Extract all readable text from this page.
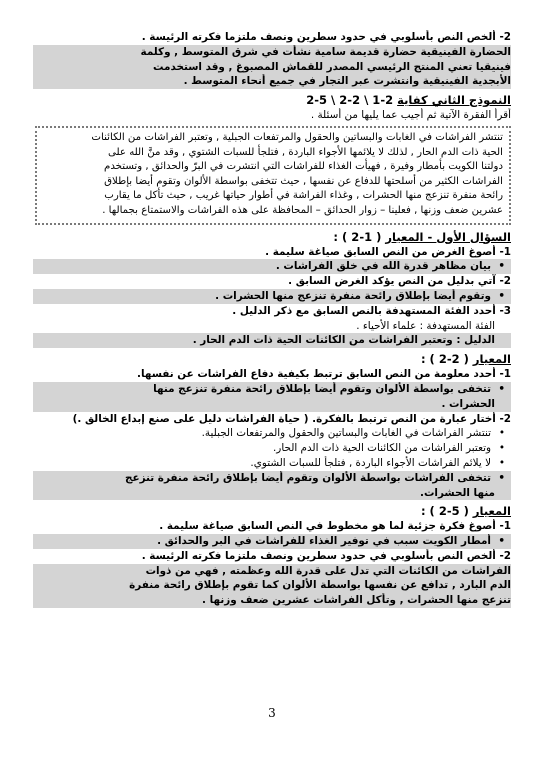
2- ألخص النص بأسلوبي في حدود سطرين ونصف ملتزما فكرته الرئيسة .
الحضارة الفينيقية حضارة قديمة سامية نشأت في شرق المتوسط , وكلمة
فينيقيا تعني المنتج الرئيسي المصدر للقماش المصبوغ , وقد استخدمت
الأبجدية الفينيقية وانتشرت عبر التجار في جميع أنحاء المتوسط .
النموذج الثاني كفاية 2-1 \ 2-2 \ 5-2
أقرأ الفقرة الآتية ثم أجيب عما يليها من أسئلة .
تنتشر الفراشات في الغابات والبساتين والحقول والمرتفعات الجبلية , وتعتبر الفراشات من الكائنات
الحية ذات الدم الحار , لذلك لا يلائمها الأجواء الباردة , فتلجأ للسبات الشتوي , وقد منَّ الله على
دولتنا الكويت بأمطار وفيرة , فهيأت الغذاء للفراشات التي انتشرت في البرّ والحدائق , وتستخدم
الفراشات الكثير من أسلحتها للدفاع عن نفسها , حيث تتخفى بواسطة الألوان وتقوم أيضا بإطلاق
رائحة منفرة تنزعج منها الحشرات , وغذاء الفراشة في أطوار حياتها غريب , حيث تأكل ما يقارب
عشرين ضعف وزنها , فعلينا – زوار الحدائق – المحافظة على هذه الفراشات والاستمتاع بجمالها .
السؤال الأول - المعيار ( 1-2 ) :
1- أصوغ الغرض من النص السابق صياغة سليمة .
• بيان مظاهر قدرة الله في خلق الفراشات .
2- آتي بدليل من النص يؤكد الغرض السابق .
• وتقوم أيضا بإطلاق رائحة منفرة تنزعج منها الحشرات .
3- أحدد الفئة المستهدفة بالنص السابق مع ذكر الدليل .
الفئة المستهدفة : علماء الأحياء .
الدليل : وتعتبر الفراشات من الكائنات الحية ذات الدم الحار .
المعيار ( 2-2 ) :
1- أحدد معلومة من النص السابق ترتبط بكيفية دفاع الفراشات عن نفسها.
• تتخفى بواسطة الألوان وتقوم أيضا بإطلاق رائحة منفرة تنزعج منها
الحشرات .
2- أختار عبارة من النص ترتبط بالفكرة. ( حياة الفراشات دليل على صنع إبداع الخالق .)
• تنتشر الفراشات في الغابات والبساتين والحقول والمرتفعات الجبلية.
• وتعتبر الفراشات من الكائنات الحية ذات الدم الحار.
• لا يلائم الفراشات الأجواء الباردة , فتلجأ للسبات الشتوي.
• تتخفى الفراشات بواسطة الألوان وتقوم أيضا بإطلاق رائحة منفرة تنزعج
منها الحشرات.
المعيار ( 5-2 ) :
1- أصوغ فكرة جزئية لما هو مخطوط في النص السابق صياغة سليمة .
• أمطار الكويت سبب في توفير الغذاء للفراشات في البر والحدائق .
2- ألخص النص بأسلوبي في حدود سطرين ونصف ملتزما فكرته الرئيسة .
الفراشات من الكائنات التي تدل على قدرة الله وعظمته , فهي من ذوات
الدم البارد , تدافع عن نفسها بواسطة الألوان كما تقوم بإطلاق رائحة منفرة
تنزعج منها الحشرات , وتأكل الفراشات عشرين ضعف وزنها .
3
